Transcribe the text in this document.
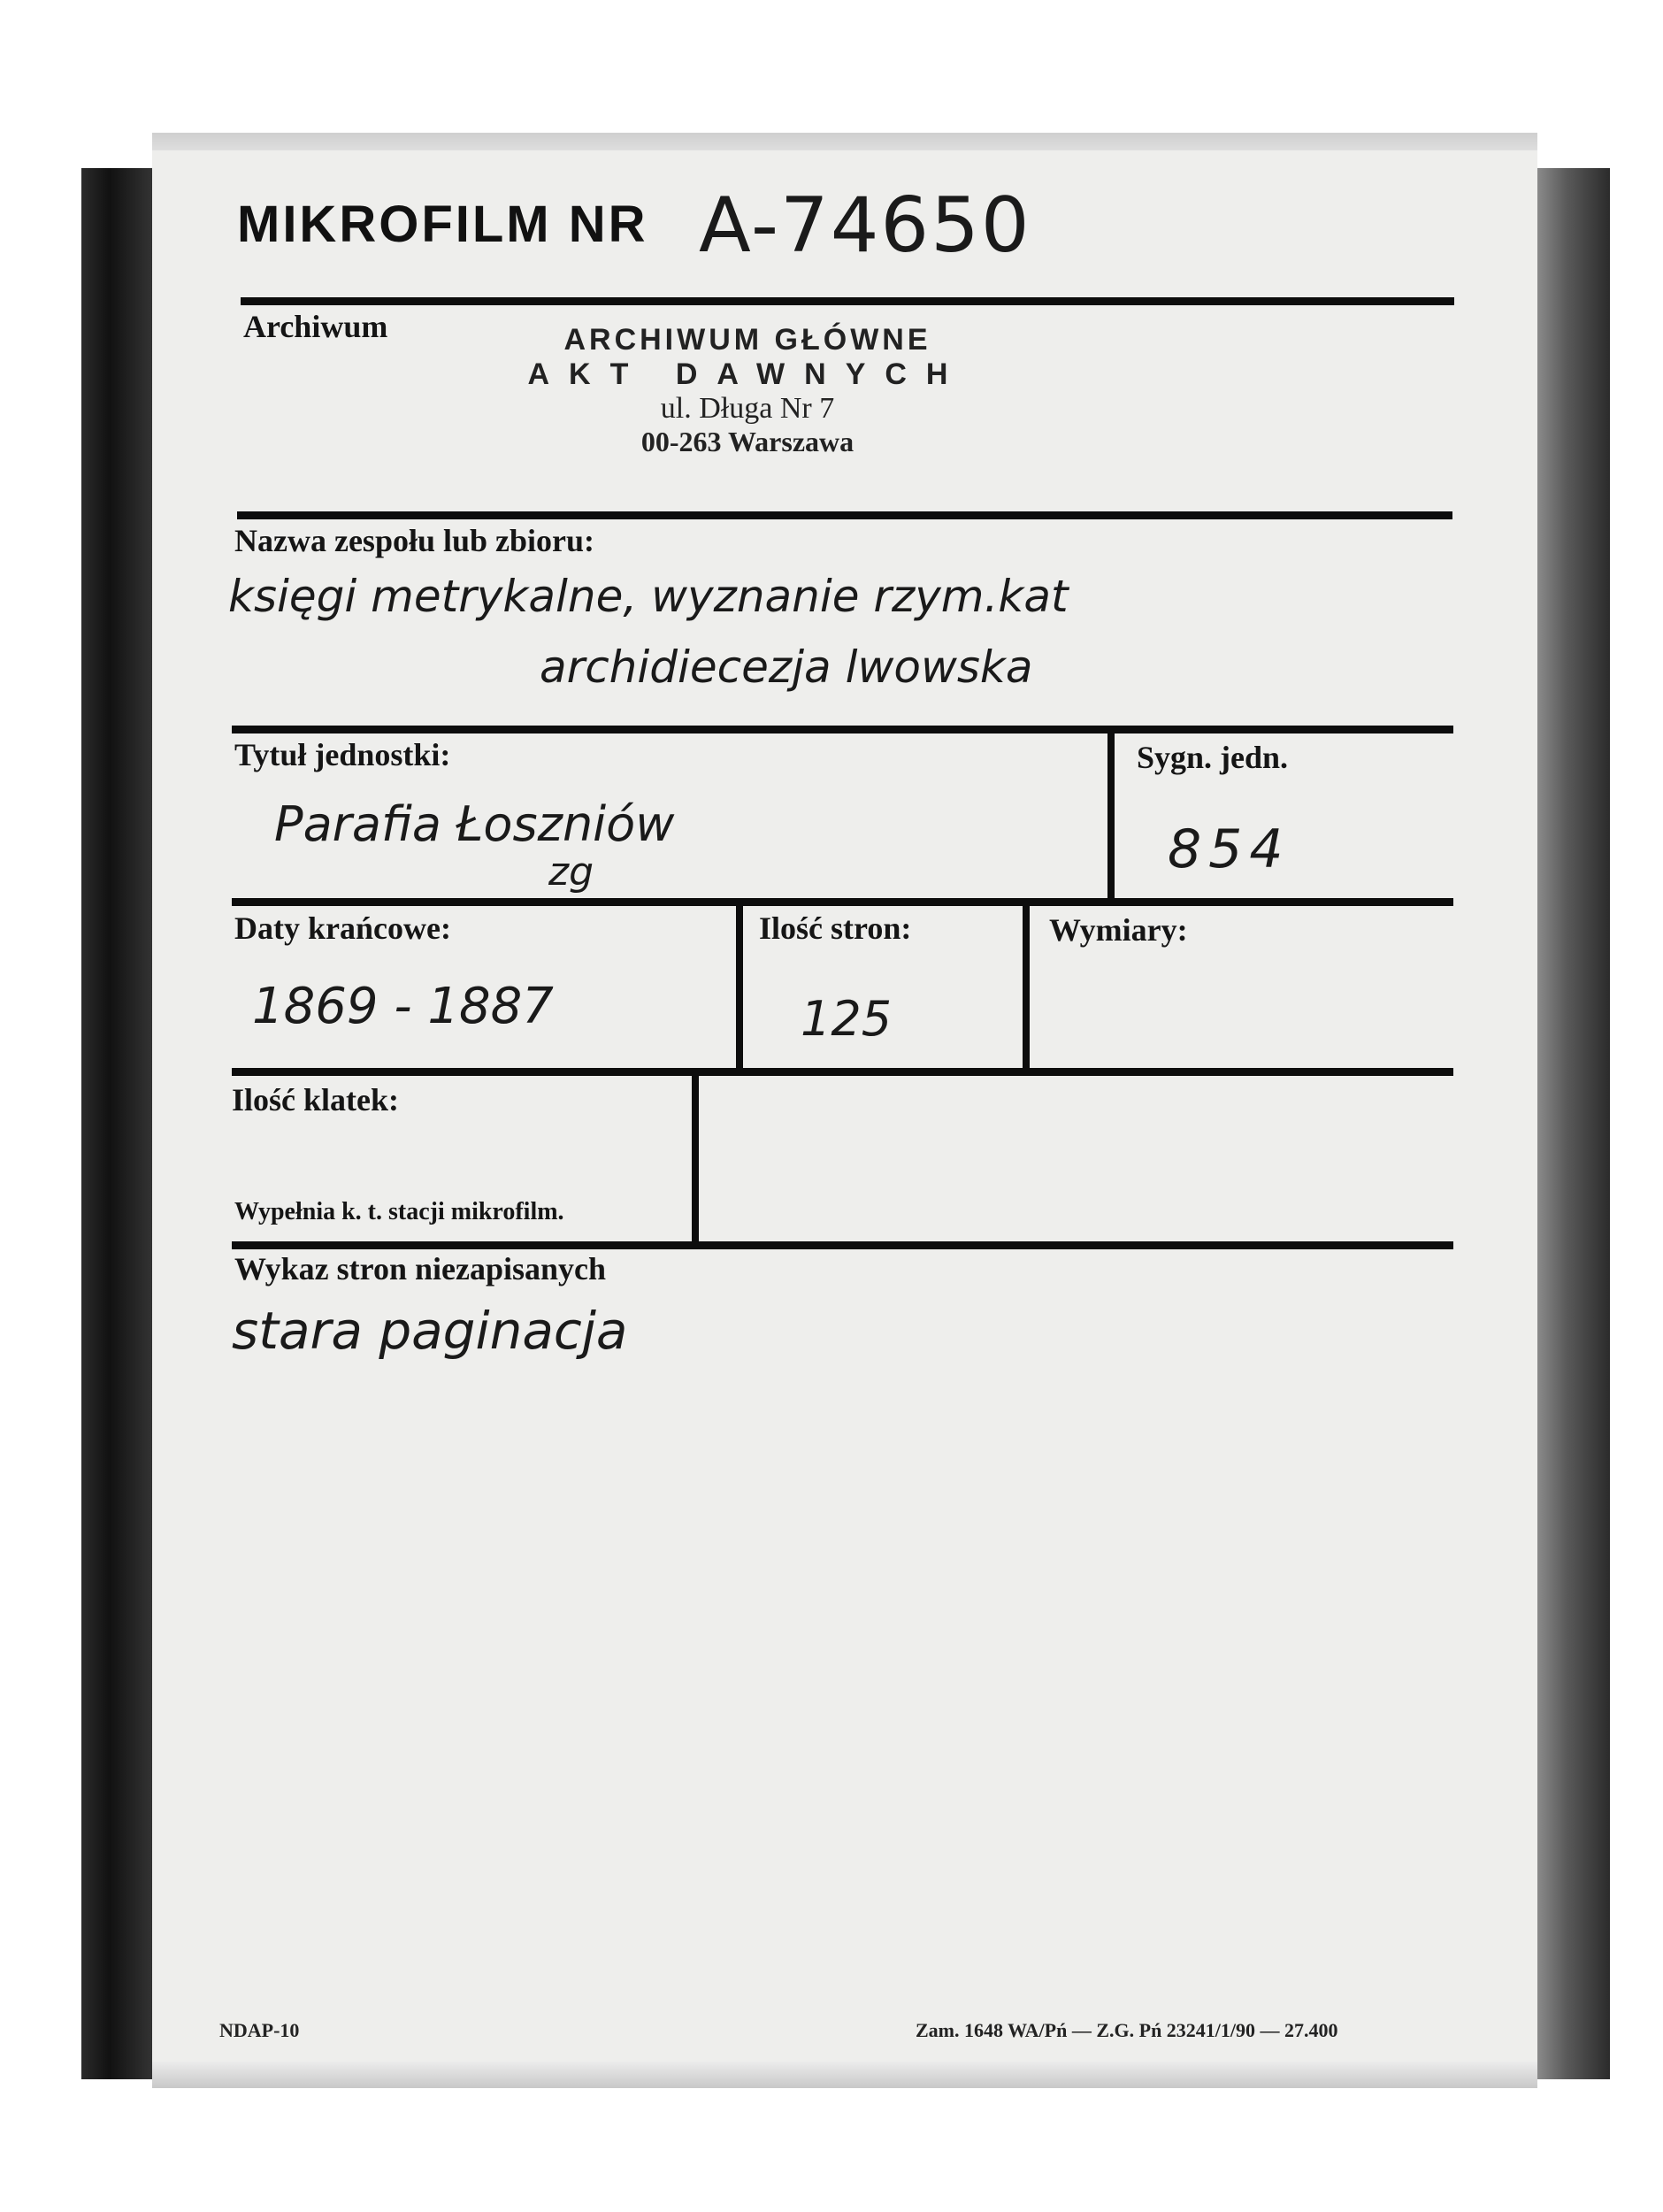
MIKROFILM NR A-74650
Archiwum	ARCHIWUM GŁÓWNE
AKT DAWNYCH
ul. Długa Nr 7
00-263 Warszawa
Nazwa zespołu lub zbioru:
księgi metrykalne, wyznanie rzym.kat
archidiecezja lwowska
Tytuł jednostki:
Parafia Łoszniów
zg
Sygn. jedn.
854
Daty krańcowe:
1869 - 1887
Ilość stron:
125
Wymiary:
Ilość klatek:
Wypełnia k. t. stacji mikrofilm.
Wykaz stron niezapisanych
stara paginacja
NDAP-10	Zam. 1648 WA/Pń — Z.G. Pń 23241/1/90 — 27.400
